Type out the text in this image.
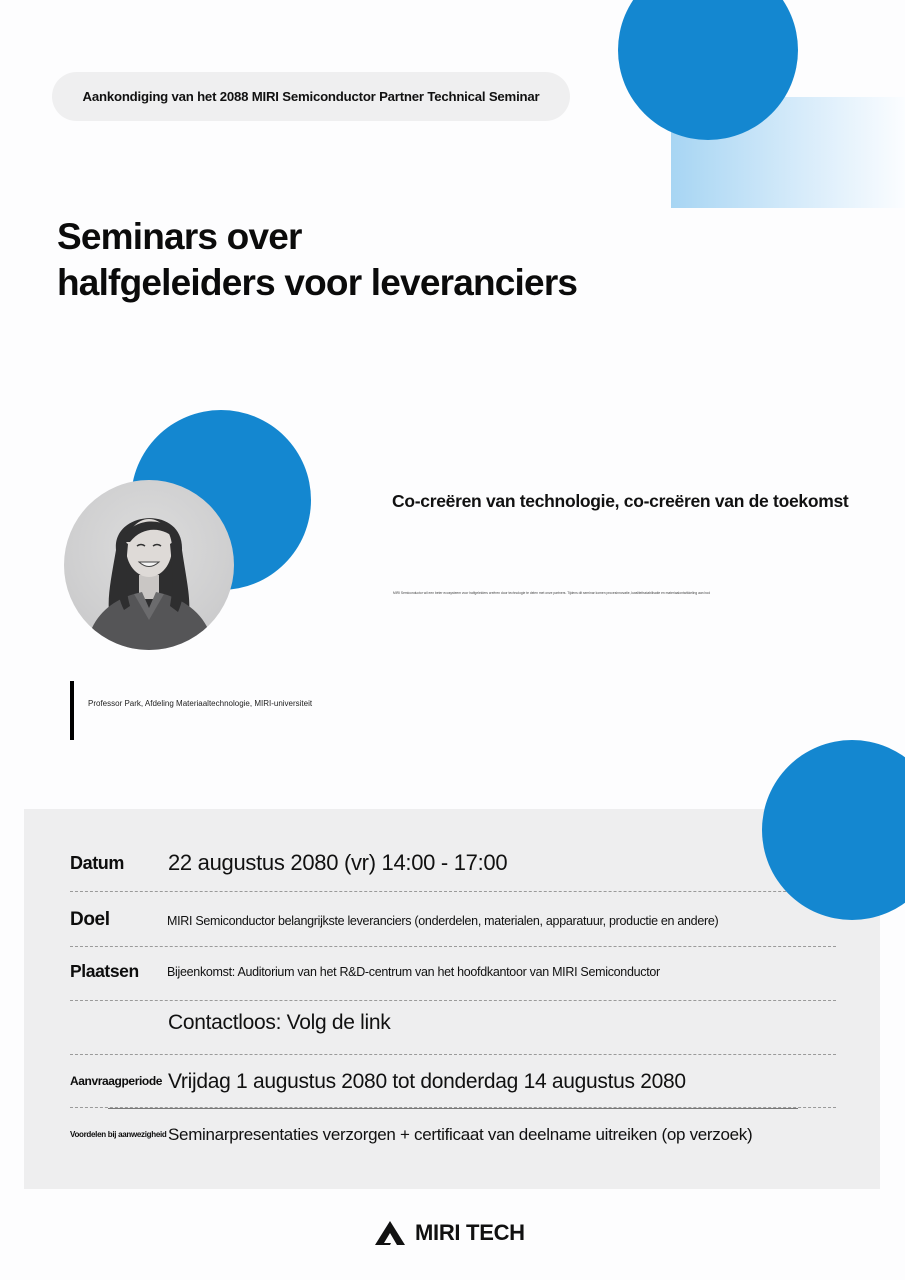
Aankondiging van het 2088 MIRI Semiconductor Partner Technical Seminar
Seminars over
halfgeleiders voor leveranciers
Professor Park, Afdeling Materiaaltechnologie, MIRI-universiteit
Co-creëren van technologie, co-creëren van de toekomst
MIRI Semiconductor wil een beter ecosysteem voor halfgeleiders creëren door technologie te delen met onze partners. Tijdens dit seminar komen procesinnovatie, kwaliteitsstabilisatie en materiaalontwikkeling aan bod
Datum 22 augustus 2080 (vr) 14:00 - 17:00
Doel	MIRI Semiconductor belangrijkste leveranciers (onderdelen, materialen, apparatuur, productie en andere)
Plaatsen Bijeenkomst: Auditorium van het R&D-centrum van het hoofdkantoor van MIRI Semiconductor
Contactloos: Volg de link
Aanvraagperiode Vrijdag 1 augustus 2080 tot donderdag 14 augustus 2080
Voordelen bij aanwezigheid Seminarpresentaties verzorgen + certificaat van deelname uitreiken (op verzoek)
MIRI TECH
